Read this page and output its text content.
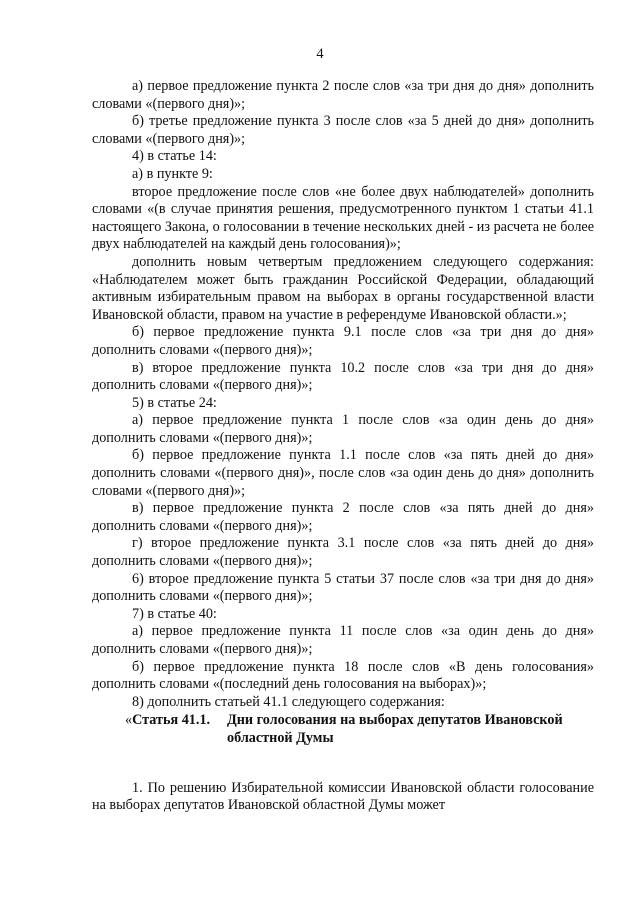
4

а) первое предложение пункта 2 после слов «за три дня до дня» дополнить словами «(первого дня)»;

б) третье предложение пункта 3 после слов «за 5 дней до дня» дополнить словами «(первого дня)»;

4) в статье 14:

а) в пункте 9:

второе предложение после слов «не более двух наблюдателей» дополнить словами «(в случае принятия решения, предусмотренного пунктом 1 статьи 41.1 настоящего Закона, о голосовании в течение нескольких дней - из расчета не более двух наблюдателей на каждый день голосования)»;

дополнить новым четвертым предложением следующего содержания: «Наблюдателем может быть гражданин Российской Федерации, обладающий активным избирательным правом на выборах в органы государственной власти Ивановской области, правом на участие в референдуме Ивановской области.»;

б) первое предложение пункта 9.1 после слов «за три дня до дня» дополнить словами «(первого дня)»;

в) второе предложение пункта 10.2 после слов «за три дня до дня» дополнить словами «(первого дня)»;

5) в статье 24:

а) первое предложение пункта 1 после слов «за один день до дня» дополнить словами «(первого дня)»;

б) первое предложение пункта 1.1 после слов «за пять дней до дня» дополнить словами «(первого дня)», после слов «за один день до дня» дополнить словами «(первого дня)»;

в) первое предложение пункта 2 после слов «за пять дней до дня» дополнить словами «(первого дня)»;

г) второе предложение пункта 3.1 после слов «за пять дней до дня» дополнить словами «(первого дня)»;

6) второе предложение пункта 5 статьи 37 после слов «за три дня до дня» дополнить словами «(первого дня)»;

7) в статье 40:

а) первое предложение пункта 11 после слов «за один день до дня» дополнить словами «(первого дня)»;

б) первое предложение пункта 18 после слов «В день голосования» дополнить словами «(последний день голосования на выборах)»;

8) дополнить статьей 41.1 следующего содержания:

«Статья 41.1.	Дни голосования на выборах депутатов Ивановской областной Думы

1. По решению Избирательной комиссии Ивановской области голосование на выборах депутатов Ивановской областной Думы может
